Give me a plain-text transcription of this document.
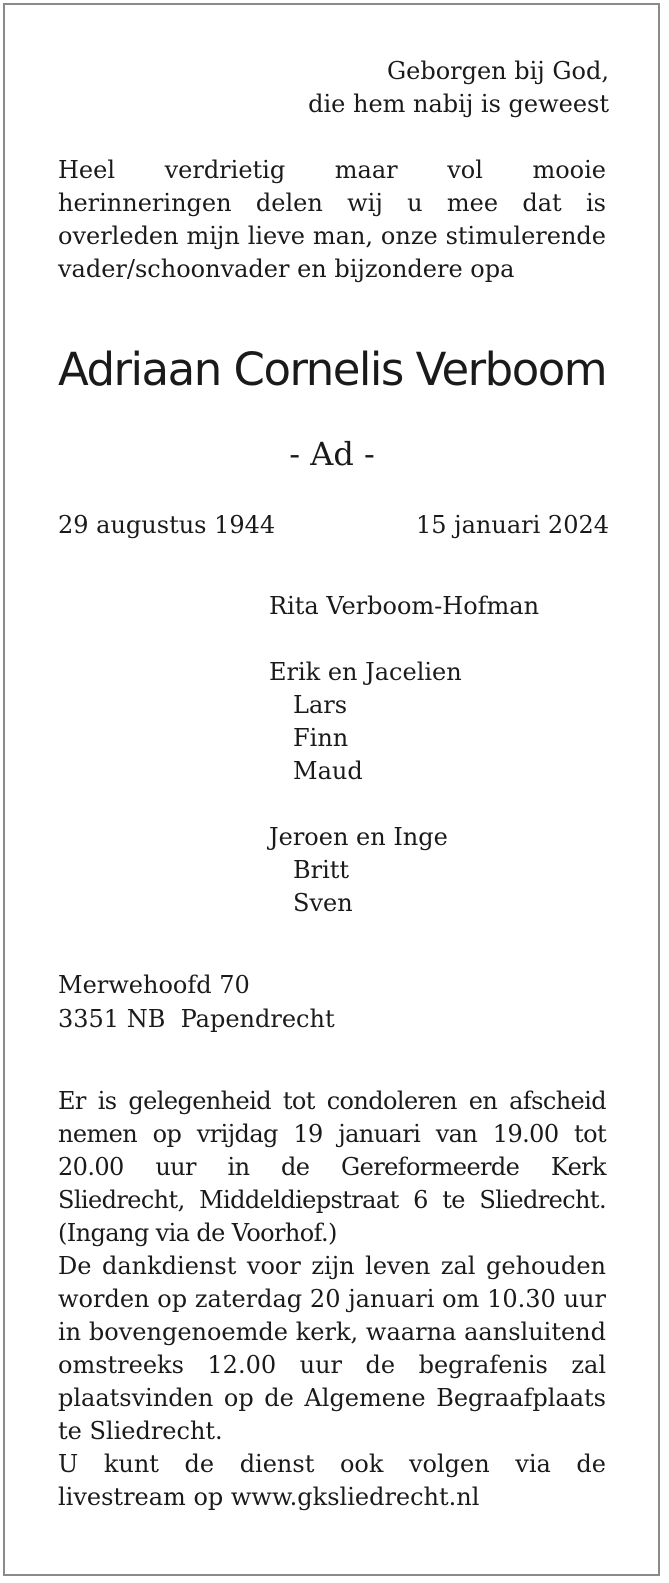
Geborgen bij God,
die hem nabij is geweest
Heel verdrietig maar vol mooie herinneringen delen wij u mee dat is overleden mijn lieve man, onze stimulerende vader/schoonvader en bijzondere opa
Adriaan Cornelis Verboom
- Ad -
29 augustus 1944	15 januari 2024
Rita Verboom-Hofman
Erik en Jacelien
Lars
Finn
Maud
Jeroen en Inge
Britt
Sven
Merwehoofd 70
3351 NB  Papendrecht
Er is gelegenheid tot condoleren en afscheid nemen op vrijdag 19 januari van 19.00 tot 20.00 uur in de Gereformeerde Kerk Sliedrecht, Middeldiepstraat 6 te Sliedrecht. (Ingang via de Voorhof.)
De dankdienst voor zijn leven zal gehouden worden op zaterdag 20 januari om 10.30 uur in bovengenoemde kerk, waarna aansluitend omstreeks 12.00 uur de begrafenis zal plaatsvinden op de Algemene Begraafplaats te Sliedrecht.
U kunt de dienst ook volgen via de livestream op www.gksliedrecht.nl
